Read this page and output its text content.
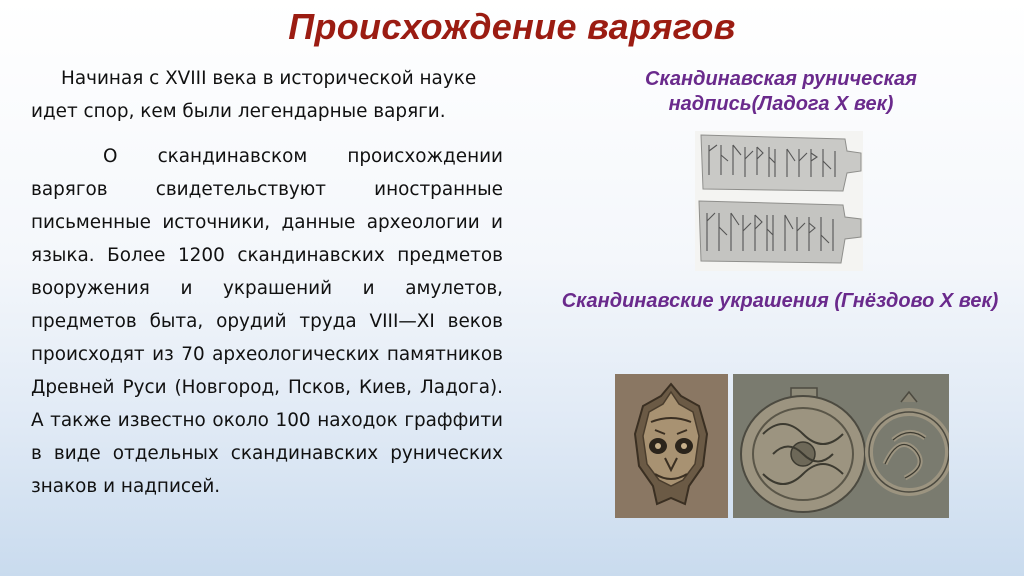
Происхождение варягов

Начиная с XVIII века в исторической науке идет спор, кем были легендарные варяги.

О скандинавском происхождении варягов свидетельствуют иностранные письменные источники, данные археологии и языка. Более 1200 скандинавских предметов вооружения и украшений и амулетов, предметов быта, орудий труда VIII—XI веков происходят из 70 археологических памятников Древней Руси (Новгород, Псков, Киев, Ладога). А также известно около 100 находок граффити в виде отдельных скандинавских рунических знаков и надписей.

Скандинавская руническая надпись(Ладога X век)
Скандинавские украшения (Гнёздово X век)
